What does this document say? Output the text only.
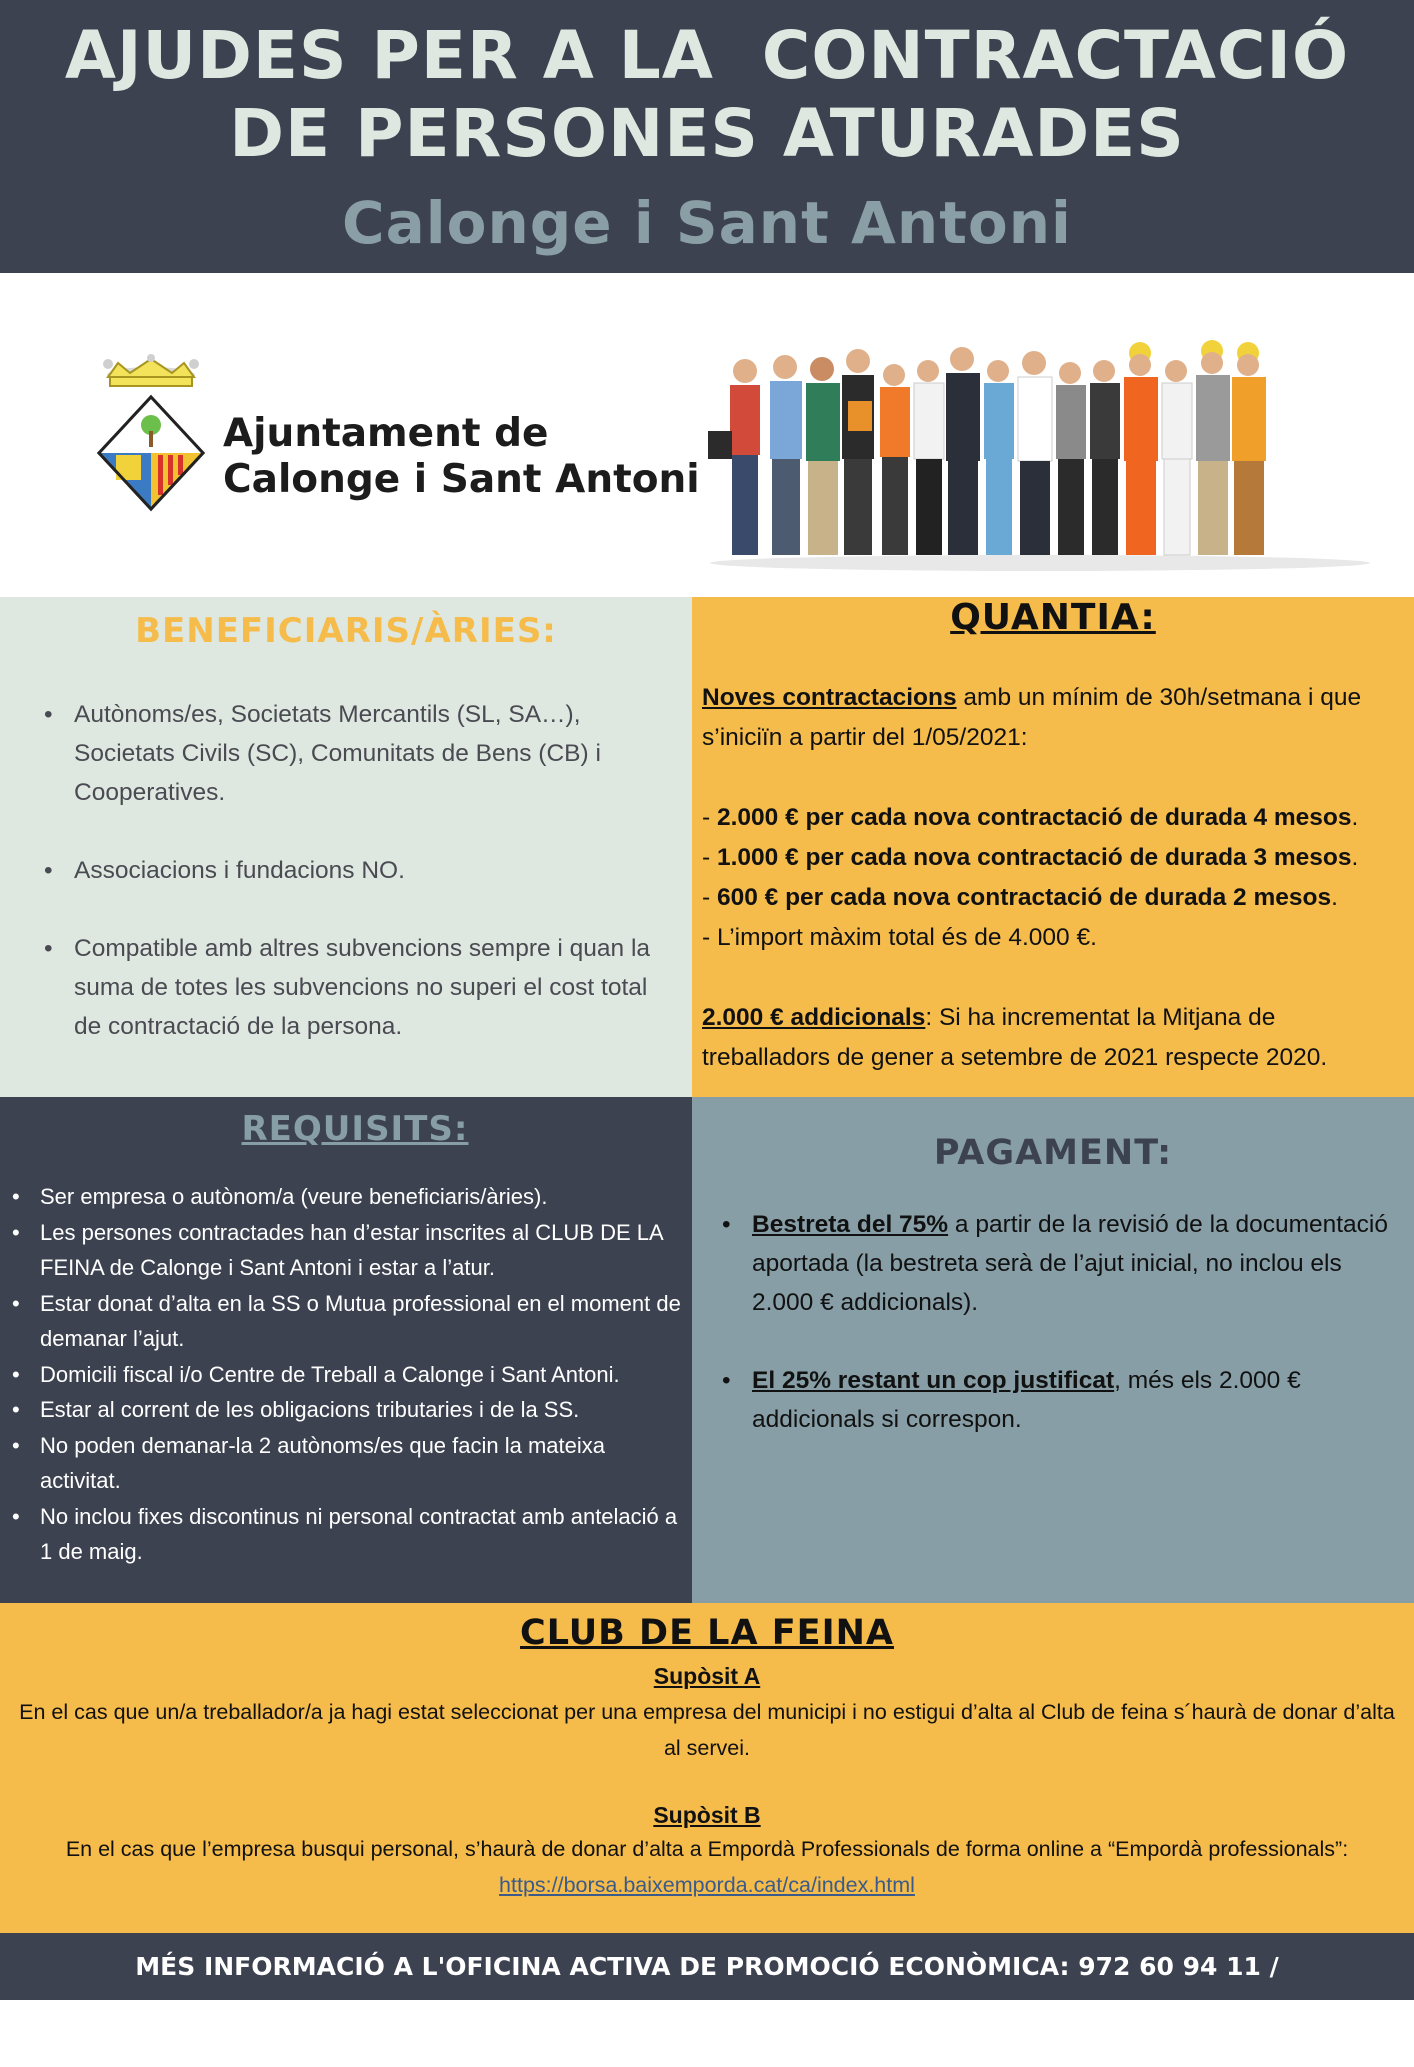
AJUDES PER A LA  CONTRACTACIÓ
DE PERSONES ATURADES
Calonge i Sant Antoni
Ajuntament de
Calonge i Sant Antoni
BENEFICIARIS/ÀRIES:
• Autònoms/es, Societats Mercantils (SL, SA…), Societats Civils (SC), Comunitats de Bens (CB) i Cooperatives.
• Associacions i fundacions NO.
• Compatible amb altres subvencions sempre i quan la suma de totes les subvencions no superi el cost total de contractació de la persona.
QUANTIA:

Noves contractacions amb un mínim de 30h/setmana i que s’iniciïn a partir del 1/05/2021:

- 2.000 € per cada nova contractació de durada 4 mesos.

- 1.000 € per cada nova contractació de durada 3 mesos.

- 600 € per cada nova contractació de durada 2 mesos.

- L’import màxim total és de 4.000 €.

2.000 € addicionals: Si ha incrementat la Mitjana de treballadors de gener a setembre de 2021 respecte 2020.

REQUISITS:
• Ser empresa o autònom/a (veure beneficiaris/àries).
• Les persones contractades han d’estar inscrites al CLUB DE LA FEINA de Calonge i Sant Antoni i estar a l’atur.
• Estar donat d’alta en la SS o Mutua professional en el moment de demanar l’ajut.
• Domicili fiscal i/o Centre de Treball a Calonge i Sant Antoni.
• Estar al corrent de les obligacions tributaries i de la SS.
• No poden demanar-la 2 autònoms/es que facin la mateixa activitat.
• No inclou fixes discontinus ni personal contractat amb antelació a 1 de maig.
PAGAMENT:
• Bestreta del 75% a partir de la revisió de la documentació aportada (la bestreta serà de l’ajut inicial, no inclou els 2.000 € addicionals).
• El 25% restant un cop justificat, més els 2.000 € addicionals si correspon.
CLUB DE LA FEINA
Supòsit A

En el cas que un/a treballador/a ja hagi estat seleccionat per una empresa del municipi i no estigui d’alta al Club de feina s´haurà de donar d’alta al servei.

Supòsit B

En el cas que l’empresa busqui personal, s’haurà de donar d’alta a Empordà Professionals de forma online a “Empordà professionals”: https://borsa.baixemporda.cat/ca/index.html

MÉS INFORMACIÓ A L'OFICINA ACTIVA DE PROMOCIÓ ECONÒMICA: 972 60 94 11 / activa@calonge.cat
